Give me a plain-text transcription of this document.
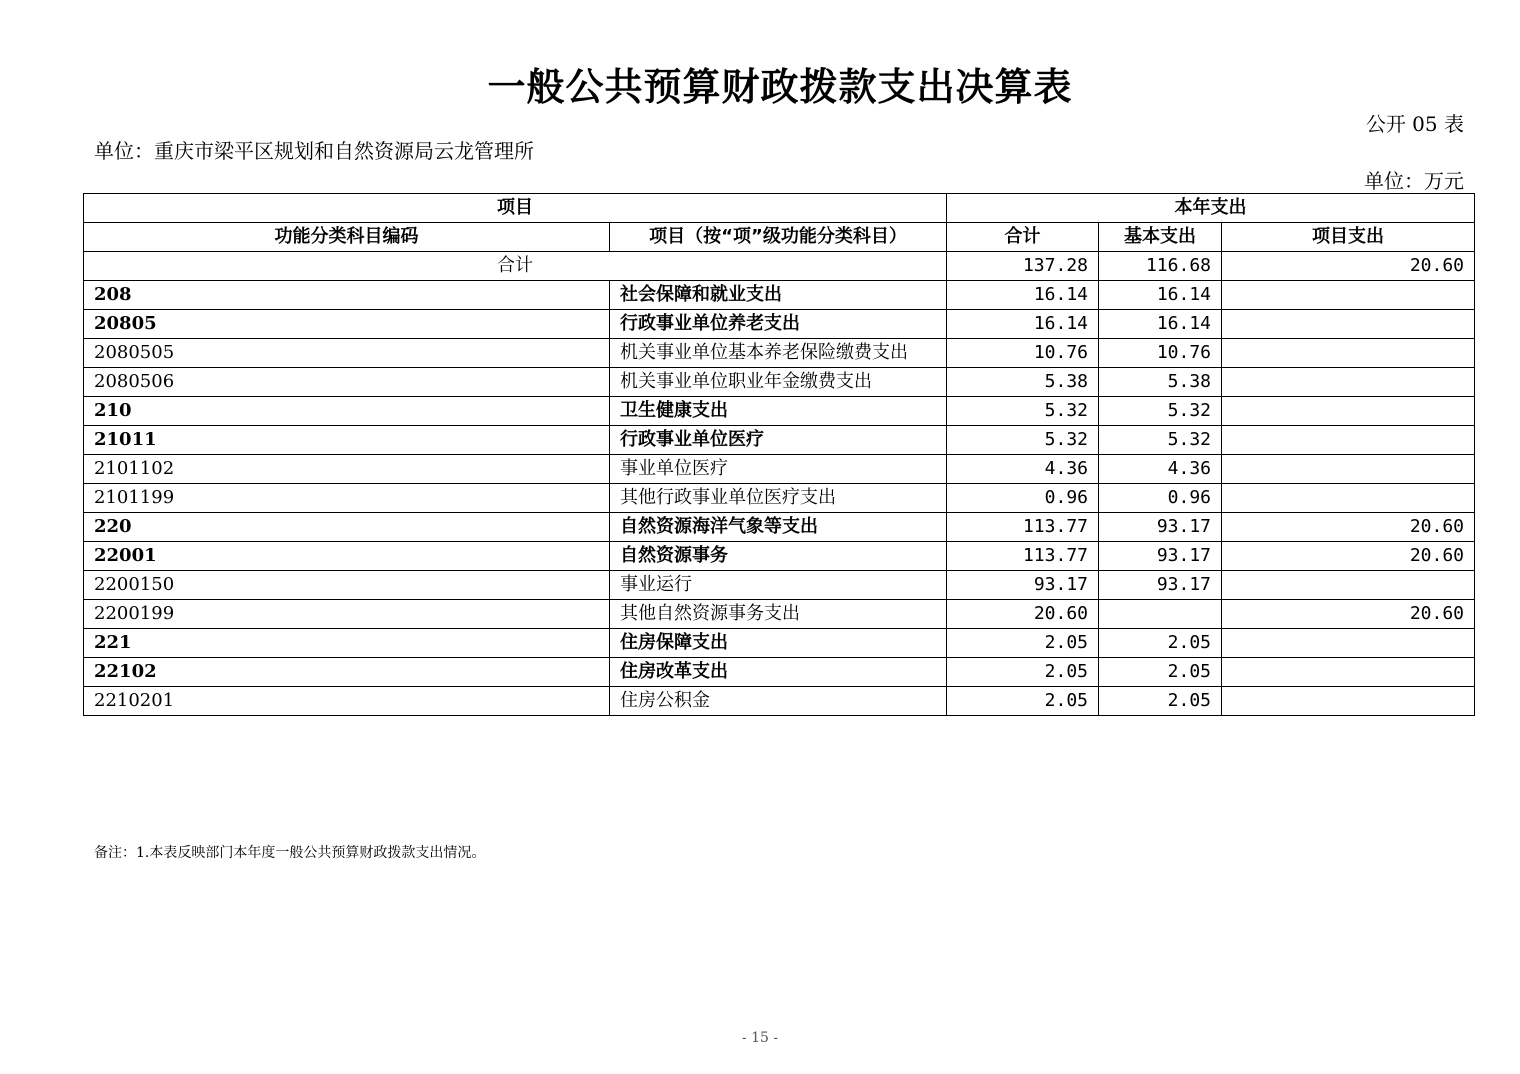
一般公共预算财政拨款支出决算表
公开 05 表
单位：重庆市梁平区规划和自然资源局云龙管理所
单位：万元
项目		本年支出		
功能分类科目编码	项目（按“项”级功能分类科目）	合计	基本支出	项目支出
合计		137.28	116.68	20.60
208	社会保障和就业支出	16.14	16.14	
20805	行政事业单位养老支出	16.14	16.14	
2080505	机关事业单位基本养老保险缴费支出	10.76	10.76	
2080506	机关事业单位职业年金缴费支出	5.38	5.38	
210	卫生健康支出	5.32	5.32	
21011	行政事业单位医疗	5.32	5.32	
2101102	事业单位医疗	4.36	4.36	
2101199	其他行政事业单位医疗支出	0.96	0.96	
220	自然资源海洋气象等支出	113.77	93.17	20.60
22001	自然资源事务	113.77	93.17	20.60
2200150	事业运行	93.17	93.17	
2200199	其他自然资源事务支出	20.60		20.60
221	住房保障支出	2.05	2.05	
22102	住房改革支出	2.05	2.05	
2210201	住房公积金	2.05	2.05	
备注：1.本表反映部门本年度一般公共预算财政拨款支出情况。
- 15 -
